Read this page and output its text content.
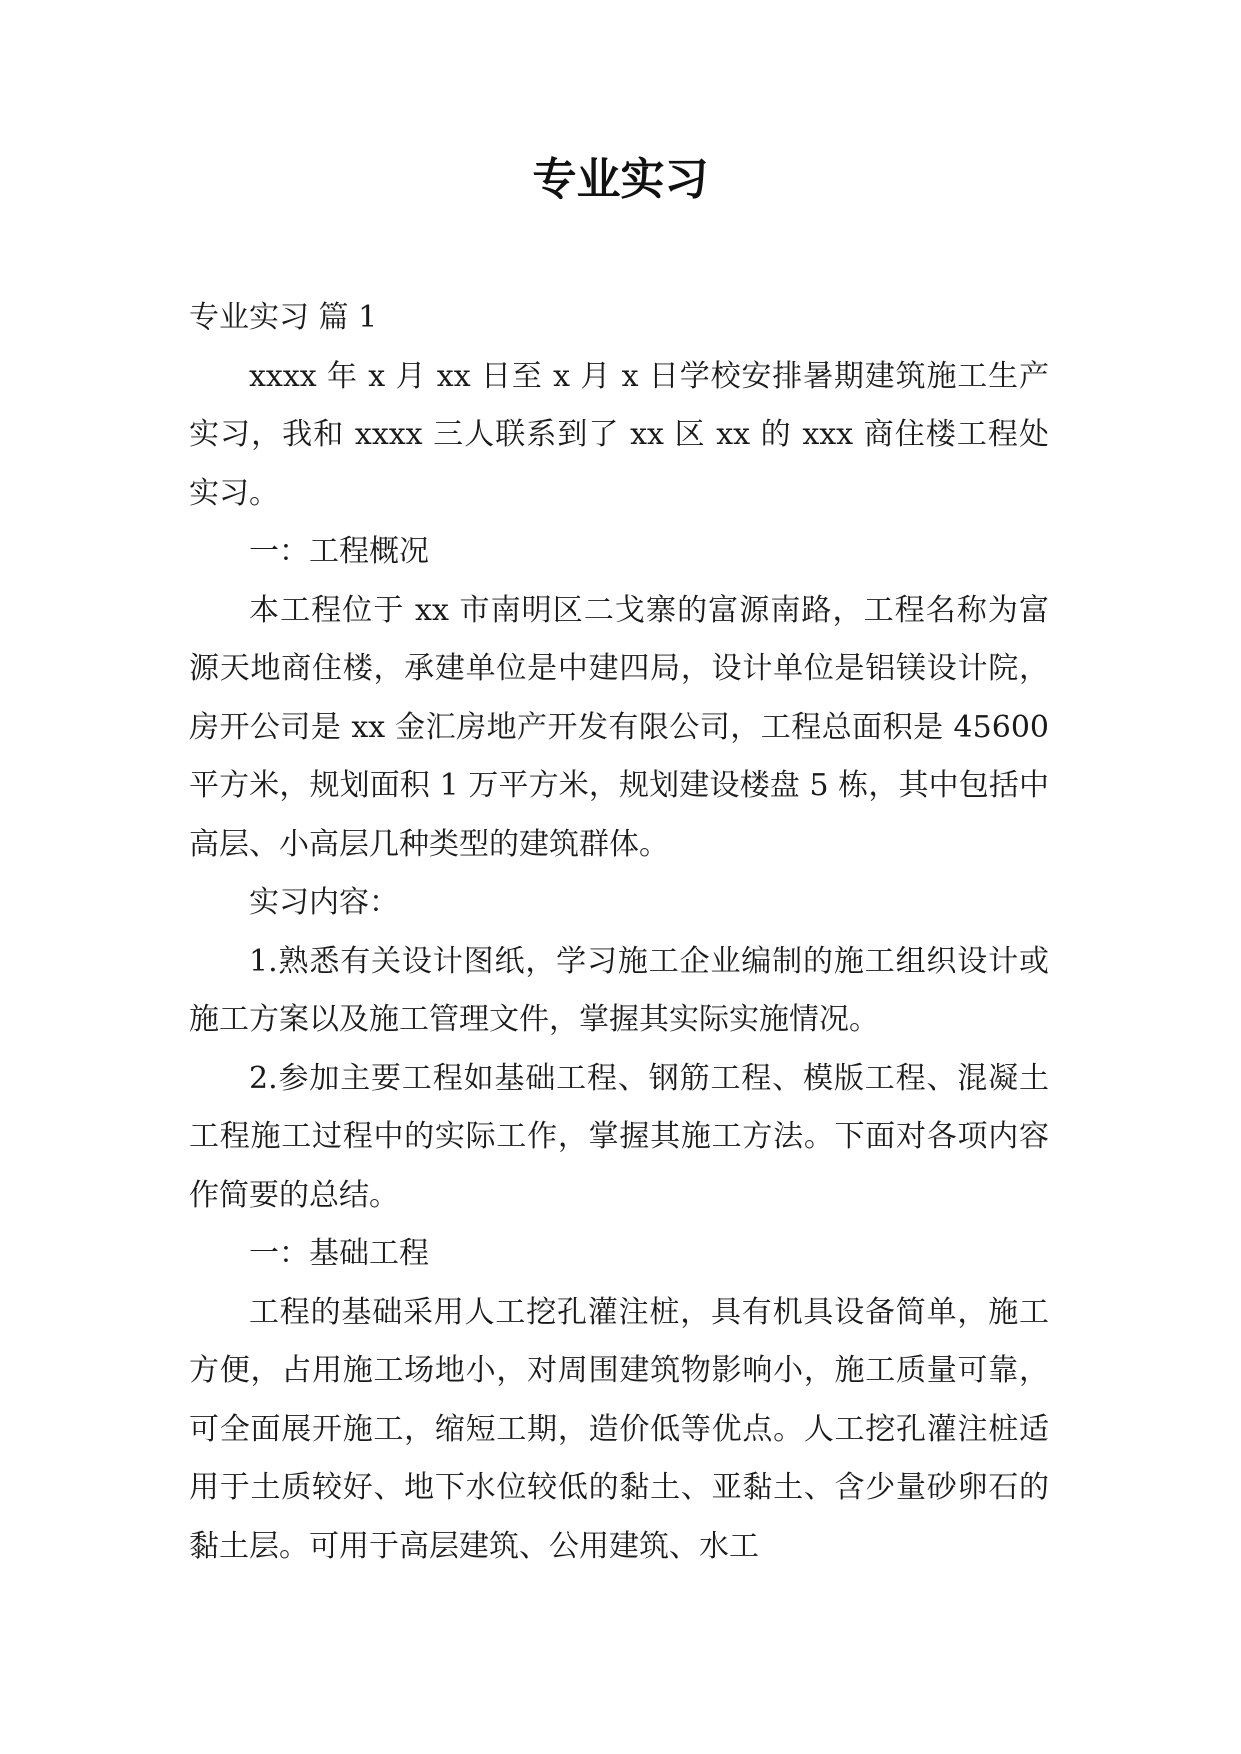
专业实习

专业实习 篇 1

xxxx 年 x 月 xx 日至 x 月 x 日学校安排暑期建筑施工生产实习，我和 xxxx 三人联系到了 xx 区 xx 的 xxx 商住楼工程处实习。

一：工程概况

本工程位于 xx 市南明区二戈寨的富源南路，工程名称为富源天地商住楼，承建单位是中建四局，设计单位是铝镁设计院，房开公司是 xx 金汇房地产开发有限公司，工程总面积是 45600 平方米，规划面积 1 万平方米，规划建设楼盘 5 栋，其中包括中高层、小高层几种类型的建筑群体。

实习内容：

1.熟悉有关设计图纸，学习施工企业编制的施工组织设计或施工方案以及施工管理文件，掌握其实际实施情况。

2.参加主要工程如基础工程、钢筋工程、模版工程、混凝土工程施工过程中的实际工作，掌握其施工方法。下面对各项内容作简要的总结。

一：基础工程

工程的基础采用人工挖孔灌注桩，具有机具设备简单，施工方便，占用施工场地小，对周围建筑物影响小，施工质量可靠，可全面展开施工，缩短工期，造价低等优点。人工挖孔灌注桩适用于土质较好、地下水位较低的黏土、亚黏土、含少量砂卵石的黏土层。可用于高层建筑、公用建筑、水工
